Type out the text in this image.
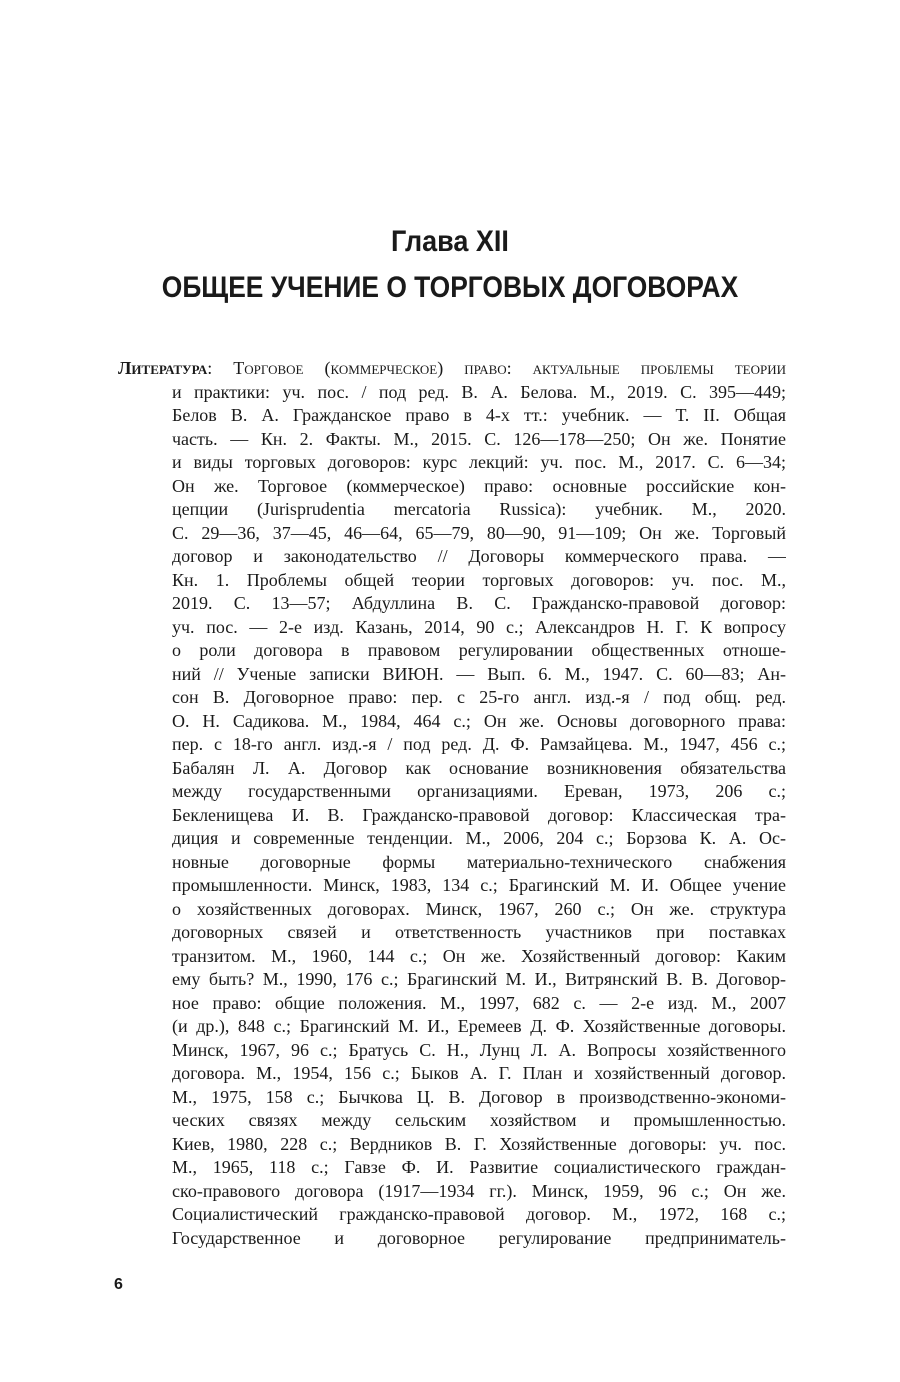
Глава XII
ОБЩЕЕ УЧЕНИЕ О ТОРГОВЫХ ДОГОВОРАХ
Литература: Торговое (коммерческое) право: актуальные проблемы теории
и практики: уч. пос. / под ред. В. А. Белова. М., 2019. С. 395—449;
Белов В. А. Гражданское право в 4-х тт.: учебник. — Т. II. Общая
часть. — Кн. 2. Факты. М., 2015. С. 126—178—250; Он же. Понятие
и виды торговых договоров: курс лекций: уч. пос. М., 2017. С. 6—34;
Он же. Торговое (коммерческое) право: основные российские кон-
цепции (Jurisprudentia mercatoria Russica): учебник. М., 2020.
С. 29—36, 37—45, 46—64, 65—79, 80—90, 91—109; Он же. Торговый
договор и законодательство // Договоры коммерческого права. —
Кн. 1. Проблемы общей теории торговых договоров: уч. пос. М.,
2019. С. 13—57; Абдуллина В. С. Гражданско-правовой договор:
уч. пос. — 2-е изд. Казань, 2014, 90 с.; Александров Н. Г. К вопросу
о роли договора в правовом регулировании общественных отноше-
ний // Ученые записки ВИЮН. — Вып. 6. М., 1947. С. 60—83; Ан-
сон В. Договорное право: пер. с 25-го англ. изд.-я / под общ. ред.
О. Н. Садикова. М., 1984, 464 с.; Он же. Основы договорного права:
пер. с 18-го англ. изд.-я / под ред. Д. Ф. Рамзайцева. М., 1947, 456 с.;
Бабалян Л. А. Договор как основание возникновения обязательства
между государственными организациями. Ереван, 1973, 206 с.;
Бекленищева И. В. Гражданско-правовой договор: Классическая тра-
диция и современные тенденции. М., 2006, 204 с.; Борзова К. А. Ос-
новные договорные формы материально-технического снабжения
промышленности. Минск, 1983, 134 с.; Брагинский М. И. Общее учение
о хозяйственных договорах. Минск, 1967, 260 с.; Он же. структура
договорных связей и ответственность участников при поставках
транзитом. М., 1960, 144 с.; Он же. Хозяйственный договор: Каким
ему быть? М., 1990, 176 с.; Брагинский М. И., Витрянский В. В. Договор-
ное право: общие положения. М., 1997, 682 с. — 2-е изд. М., 2007
(и др.), 848 с.; Брагинский М. И., Еремеев Д. Ф. Хозяйственные договоры.
Минск, 1967, 96 с.; Братусь С. Н., Лунц Л. А. Вопросы хозяйственного
договора. М., 1954, 156 с.; Быков А. Г. План и хозяйственный договор.
М., 1975, 158 с.; Бычкова Ц. В. Договор в производственно-экономи-
ческих связях между сельским хозяйством и промышленностью.
Киев, 1980, 228 с.; Вердников В. Г. Хозяйственные договоры: уч. пос.
М., 1965, 118 с.; Гавзе Ф. И. Развитие социалистического граждан-
ско-правового договора (1917—1934 гг.). Минск, 1959, 96 с.; Он же.
Социалистический гражданско-правовой договор. М., 1972, 168 с.;
Государственное и договорное регулирование предприниматель-
6
